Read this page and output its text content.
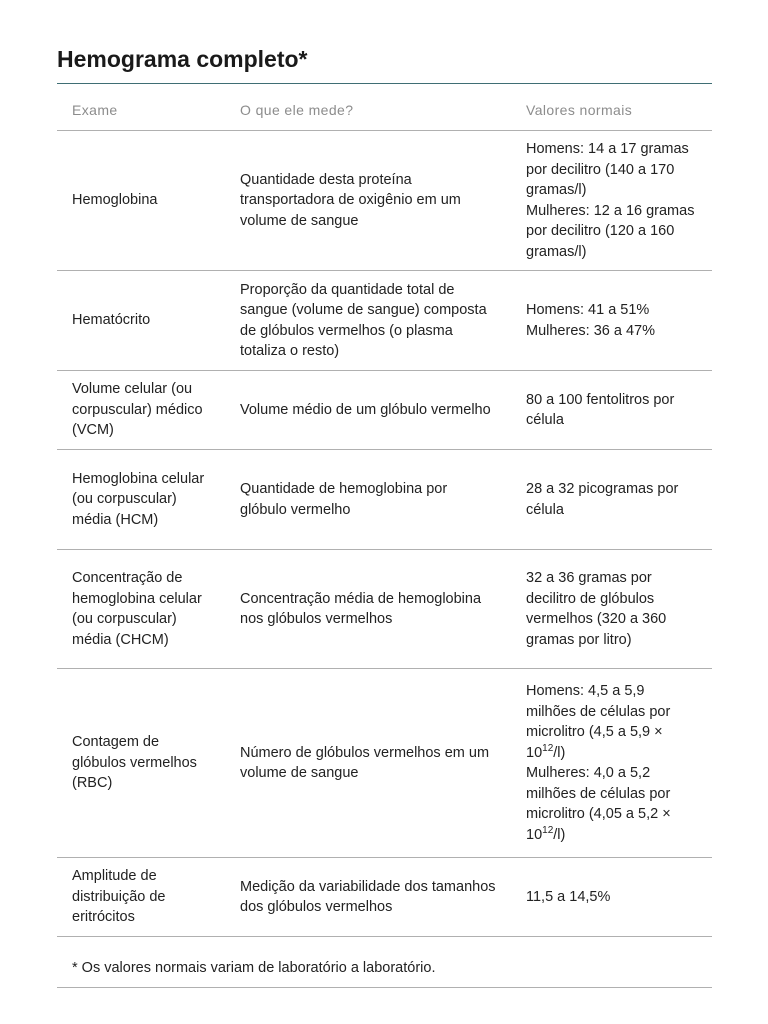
Hemograma completo*
Exame	O que ele mede?	Valores normais
Hemoglobina	Quantidade desta proteína transportadora de oxigênio em um volume de sangue	Homens: 14 a 17 gramas por decilitro (140 a 170 gramas/l)
Mulheres: 12 a 16 gramas por decilitro (120 a 160 gramas/l)

Hematócrito	Proporção da quantidade total de sangue (volume de sangue) composta de glóbulos vermelhos (o plasma totaliza o resto)	Homens: 41 a 51%
Mulheres: 36 a 47%

Volume celular (ou corpuscular) médico (VCM)	Volume médio de um glóbulo vermelho	80 a 100 fentolitros por célula

Hemoglobina celular (ou corpuscular) média (HCM)	Quantidade de hemoglobina por glóbulo vermelho	28 a 32 picogramas por célula

Concentração de hemoglobina celular (ou corpuscular) média (CHCM)	Concentração média de hemoglobina nos glóbulos vermelhos	32 a 36 gramas por decilitro de glóbulos vermelhos (320 a 360 gramas por litro)

Contagem de glóbulos vermelhos (RBC)	Número de glóbulos vermelhos em um volume de sangue	Homens: 4,5 a 5,9 milhões de células por microlitro (4,5 a $5,9 \times 10^{12}/l$)
Mulheres: 4,0 a 5,2 milhões de células por microlitro (4,05 a $5,2 \times 10^{12}/l$)

Amplitude de distribuição de eritrócitos	Medição da variabilidade dos tamanhos dos glóbulos vermelhos	11,5 a 14,5%
* Os valores normais variam de laboratório a laboratório.
